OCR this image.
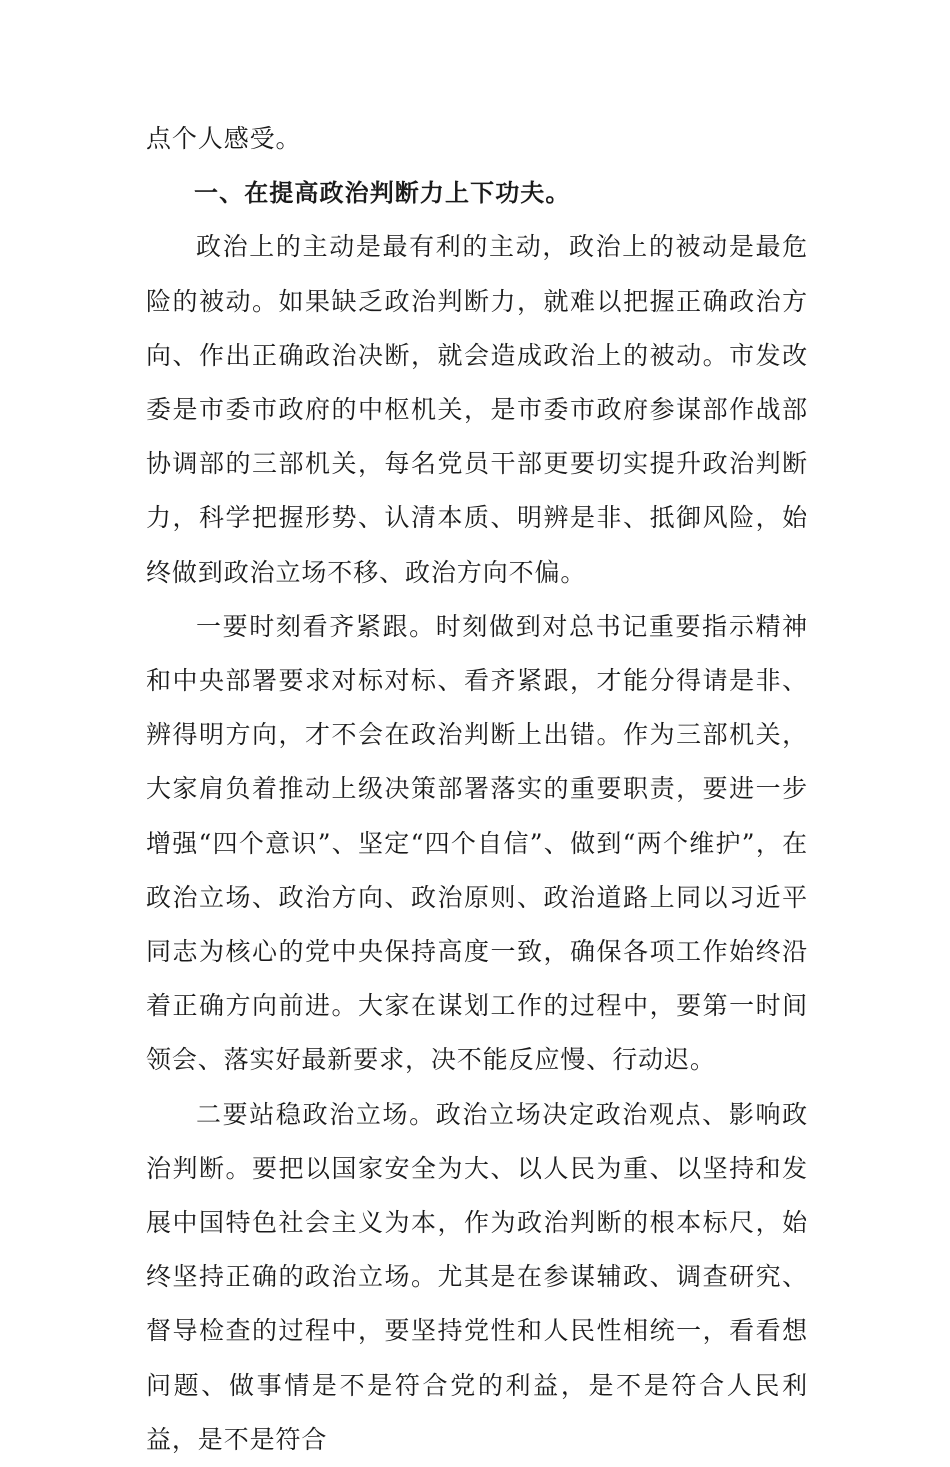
点个人感受。

一、在提高政治判断力上下功夫。

政治上的主动是最有利的主动，政治上的被动是最危险的被动。如果缺乏政治判断力，就难以把握正确政治方向、作出正确政治决断，就会造成政治上的被动。市发改委是市委市政府的中枢机关，是市委市政府参谋部作战部协调部的三部机关，每名党员干部更要切实提升政治判断力，科学把握形势、认清本质、明辨是非、抵御风险，始终做到政治立场不移、政治方向不偏。

一要时刻看齐紧跟。时刻做到对总书记重要指示精神和中央部署要求对标对标、看齐紧跟，才能分得请是非、辨得明方向，才不会在政治判断上出错。作为三部机关，大家肩负着推动上级决策部署落实的重要职责，要进一步增强“四个意识”、坚定“四个自信”、做到“两个维护”，在政治立场、政治方向、政治原则、政治道路上同以习近平同志为核心的党中央保持高度一致，确保各项工作始终沿着正确方向前进。大家在谋划工作的过程中，要第一时间领会、落实好最新要求，决不能反应慢、行动迟。

二要站稳政治立场。政治立场决定政治观点、影响政治判断。要把以国家安全为大、以人民为重、以坚持和发展中国特色社会主义为本，作为政治判断的根本标尺，始终坚持正确的政治立场。尤其是在参谋辅政、调查研究、督导检查的过程中，要坚持党性和人民性相统一，看看想问题、做事情是不是符合党的利益，是不是符合人民利益，是不是符合
